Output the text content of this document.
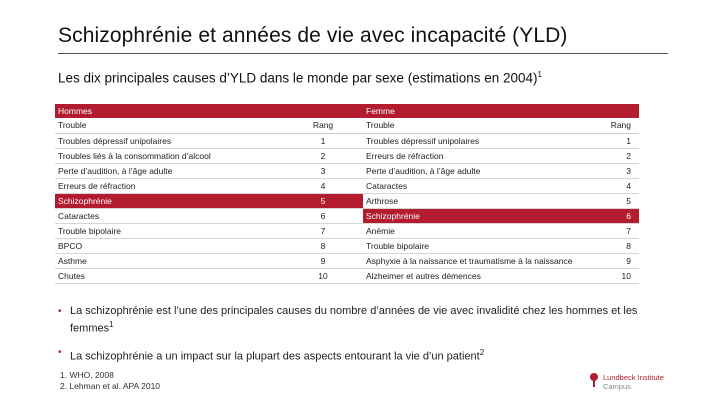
Schizophrénie et années de vie avec incapacité (YLD)
Les dix principales causes d’YLD dans le monde par sexe (estimations en 2004)$^1$
Hommes		Femme	
Trouble	Rang	Trouble	Rang
Troubles dépressif unipolaires	1	Troubles dépressif unipolaires	1
Troubles liés à la consommation d’alcool	2	Erreurs de réfraction	2
Perte d’audition, à l’âge adulte	3	Perte d’audition, à l’âge adulte	3
Erreurs de réfraction	4	Cataractes	4
Schizophrénie	5	Arthrose	5
Cataractes	6	Schizophrénie	6
Trouble bipolaire	7	Anémie	7
BPCO	8	Trouble bipolaire	8
Asthme	9	Asphyxie à la naissance et traumatisme à la naissance	9
Chutes	10	Alzheimer et autres démences	10
• La schizophrénie est l’une des principales causes du nombre d’années de vie avec invalidité chez les hommes et les femmes$^1$
• La schizophrénie a un impact sur la plupart des aspects entourant la vie d’un patient$^2$
1. WHO, 2008
2. Lehman et al. APA 2010
Lundbeck Institute
Campus
